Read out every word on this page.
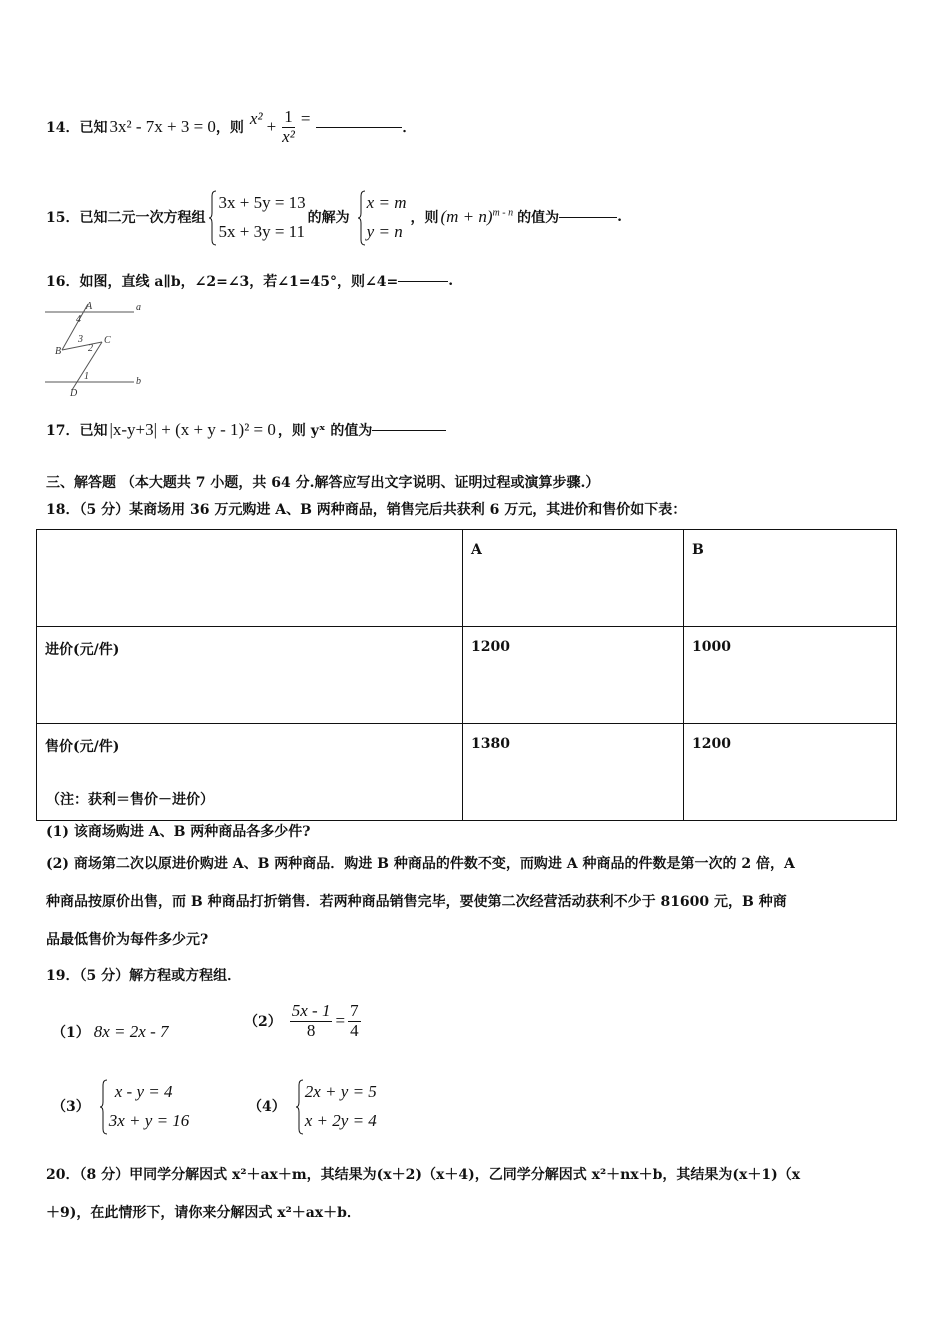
14．已知 3x² - 7x + 3 = 0 ，则 $x^2 + \frac{1}{\text{x²}}$ =	．
15．已知二元一次方程组
3x + 5y = 13
5x + 3y = 11
的解为
x = m
y = n
，则 $(m + n)^{m - n}$ 的值为	.
16．如图，直线 a∥b，∠2=∠3，若∠1=45°，则∠4=	.
A	a
B
C
D
b
1
2
3
4
17．已知 |x-y+3| + (x + y - 1)² = 0 ，则 yˣ 的值为
三、解答题 （本大题共 7 小题，共 64 分.解答应写出文字说明、证明过程或演算步骤.）
18．（5 分）某商场用 36 万元购进 A、B 两种商品，销售完后共获利 6 万元，其进价和售价如下表：
	A	B
进价(元/件)	1200	1000
售价(元/件)	1380	1200
（注：获利＝售价－进价）
(1) 该商场购进 A、B 两种商品各多少件?
(2) 商场第二次以原进价购进 A、B 两种商品．购进 B 种商品的件数不变，而购进 A 种商品的件数是第一次的 2 倍，A
种商品按原价出售，而 B 种商品打折销售．若两种商品销售完毕，要使第二次经营活动获利不少于 81600 元，B 种商
品最低售价为每件多少元?
19．（5 分）解方程或方程组．
（1） 8x = 2x - 7	$(2) \frac{5x - 1}{8} = \frac{7}{4}$
（3）
x - y = 4
3x + y = 16
（4）
2x + y = 5
x + 2y = 4
20．（8 分）甲同学分解因式 x²＋ax＋m，其结果为(x＋2)（x＋4)，乙同学分解因式 x²＋nx＋b，其结果为(x＋1)（x
＋9)，在此情形下，请你来分解因式 x²＋ax＋b．
